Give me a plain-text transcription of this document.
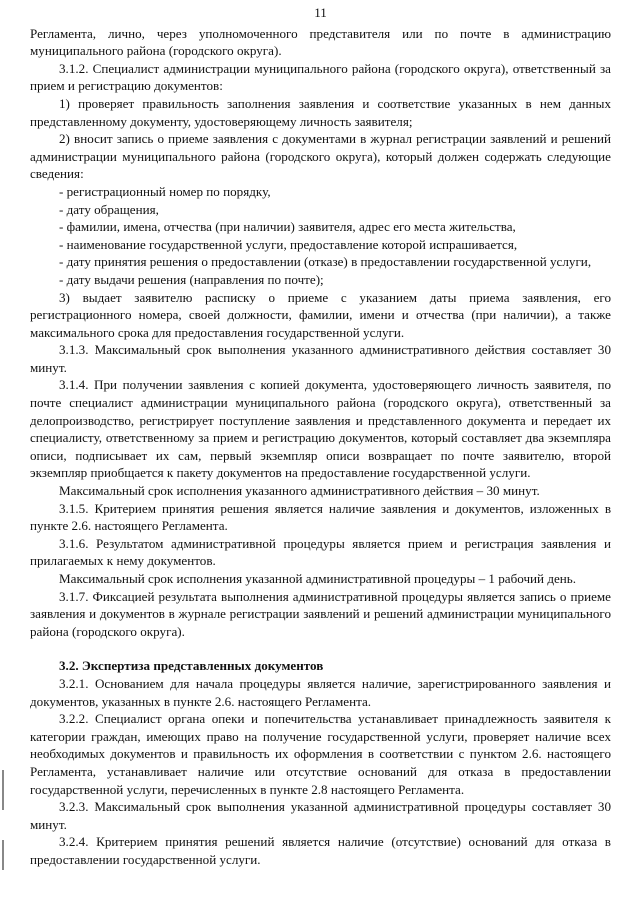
11

Регламента, лично, через уполномоченного представителя или по почте в администрацию муниципального района (городского округа).

3.1.2. Специалист администрации муниципального района (городского округа), ответственный за прием и регистрацию документов:

1) проверяет правильность заполнения заявления и соответствие указанных в нем данных представленному документу, удостоверяющему личность заявителя;

2) вносит запись о приеме заявления с документами в журнал регистрации заявлений и решений администрации муниципального района (городского округа), который должен содержать следующие сведения:

- регистрационный номер по порядку,

- дату обращения,

- фамилии, имена, отчества (при наличии) заявителя, адрес его места жительства,

- наименование государственной услуги, предоставление которой испрашивается,

- дату принятия решения о предоставлении (отказе) в предоставлении государственной услуги,

- дату выдачи решения (направления по почте);

3) выдает заявителю расписку о приеме с указанием даты приема заявления, его регистрационного номера, своей должности, фамилии, имени и отчества (при наличии), а также максимального срока для предоставления государственной услуги.

3.1.3. Максимальный срок выполнения указанного административного действия составляет 30 минут.

3.1.4. При получении заявления с копией документа, удостоверяющего личность заявителя, по почте специалист администрации муниципального района (городского округа), ответственный за делопроизводство, регистрирует поступление заявления и представленного документа и передает их специалисту, ответственному за прием и регистрацию документов, который составляет два экземпляра описи, подписывает их сам, первый экземпляр описи возвращает по почте заявителю, второй экземпляр приобщается к пакету документов на предоставление государственной услуги.

Максимальный срок исполнения указанного административного действия – 30 минут.

3.1.5. Критерием принятия решения является наличие заявления и документов, изложенных в пункте 2.6. настоящего Регламента.

3.1.6. Результатом административной процедуры является прием и регистрация заявления и прилагаемых к нему документов.

Максимальный срок исполнения указанной административной процедуры – 1 рабочий день.

3.1.7. Фиксацией результата выполнения административной процедуры является запись о приеме заявления и документов в журнале регистрации заявлений и решений администрации муниципального района (городского округа).

3.2. Экспертиза представленных документов

3.2.1. Основанием для начала процедуры является наличие, зарегистрированного заявления и документов, указанных в пункте 2.6. настоящего Регламента.

3.2.2. Специалист органа опеки и попечительства устанавливает принадлежность заявителя к категории граждан, имеющих право на получение государственной услуги, проверяет наличие всех необходимых документов и правильность их оформления в соответствии с пунктом 2.6. настоящего Регламента, устанавливает наличие или отсутствие оснований для отказа в предоставлении государственной услуги, перечисленных в пункте 2.8 настоящего Регламента.

3.2.3. Максимальный срок выполнения указанной административной процедуры составляет 30 минут.

3.2.4. Критерием принятия решений является наличие (отсутствие) оснований для отказа в предоставлении государственной услуги.
